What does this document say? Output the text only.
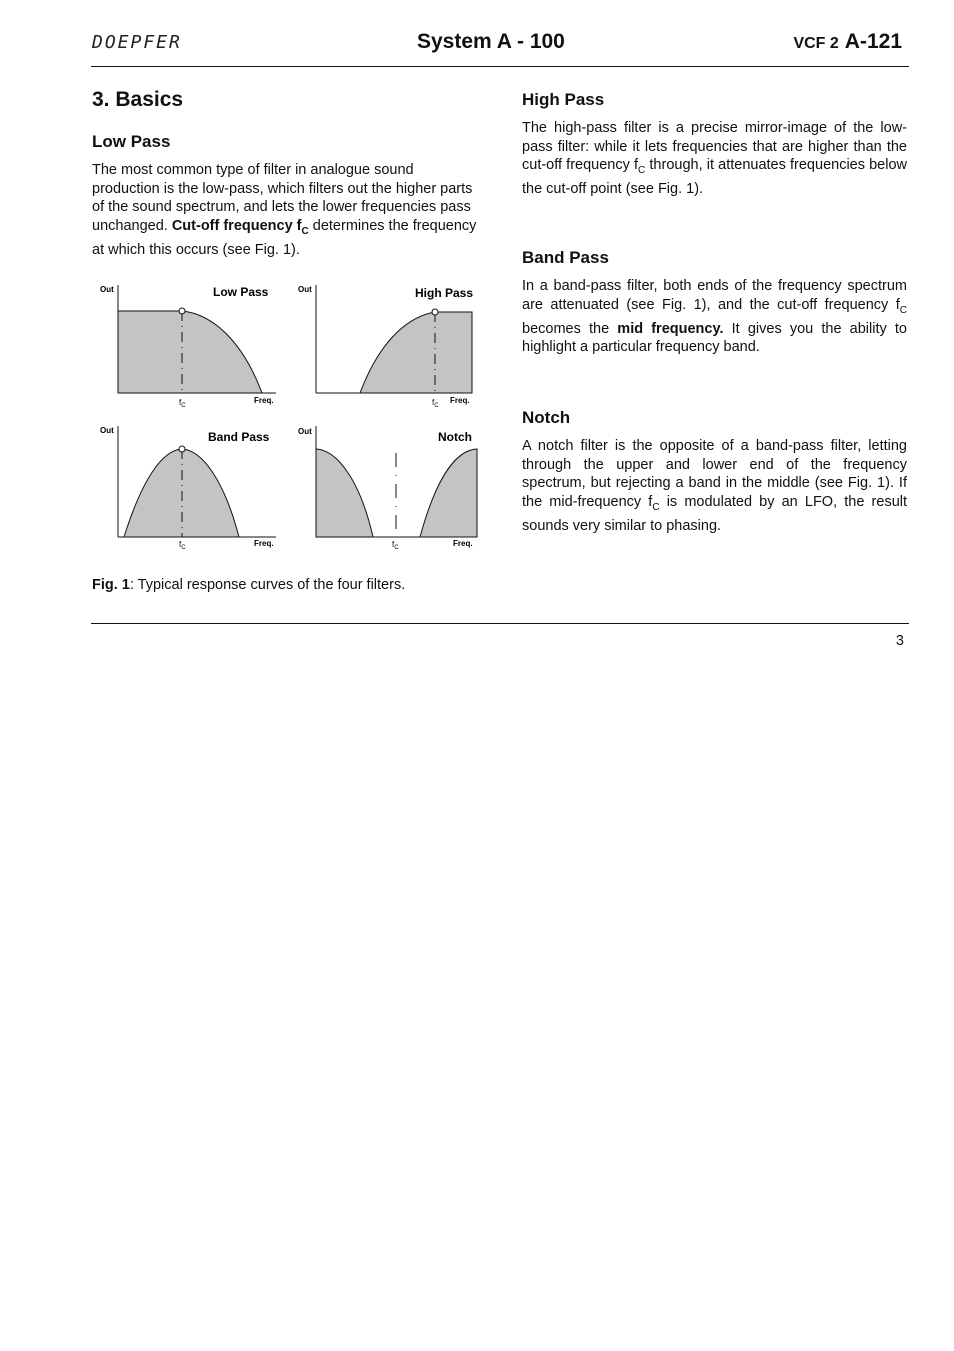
DOEPFER	System A - 100	VCF 2 A-121
3. Basics
Low Pass

The most common type of filter in analogue sound production is the low-pass, which filters out the higher parts of the sound spectrum, and lets the lower frequencies pass unchanged. Cut-off frequency $f_C$ determines the frequency at which this occurs (see Fig. 1).

Out	Low Pass
$f_C$
Freq.
Out	High Pass
$f_C$
Freq.
Out	Band Pass
$f_C$	Freq.
Out	Notch
$f_C$	Freq.
Fig. 1: Typical response curves of the four filters.
High Pass

The high-pass filter is a precise mirror-image of the low-pass filter: while it lets frequencies that are higher than the cut-off frequency $f_C$ through, it attenuates frequencies below the cut-off point (see Fig. 1).

Band Pass

In a band-pass filter, both ends of the frequency spectrum are attenuated (see Fig. 1), and the cut-off frequency $f_C$ becomes the mid frequency. It gives you the ability to highlight a particular frequency band.

Notch

A notch filter is the opposite of a band-pass filter, letting through the upper and lower end of the frequency spectrum, but rejecting a band in the middle (see Fig. 1). If the mid-frequency $f_C$ is modulated by an LFO, the result sounds very similar to phasing.

3
